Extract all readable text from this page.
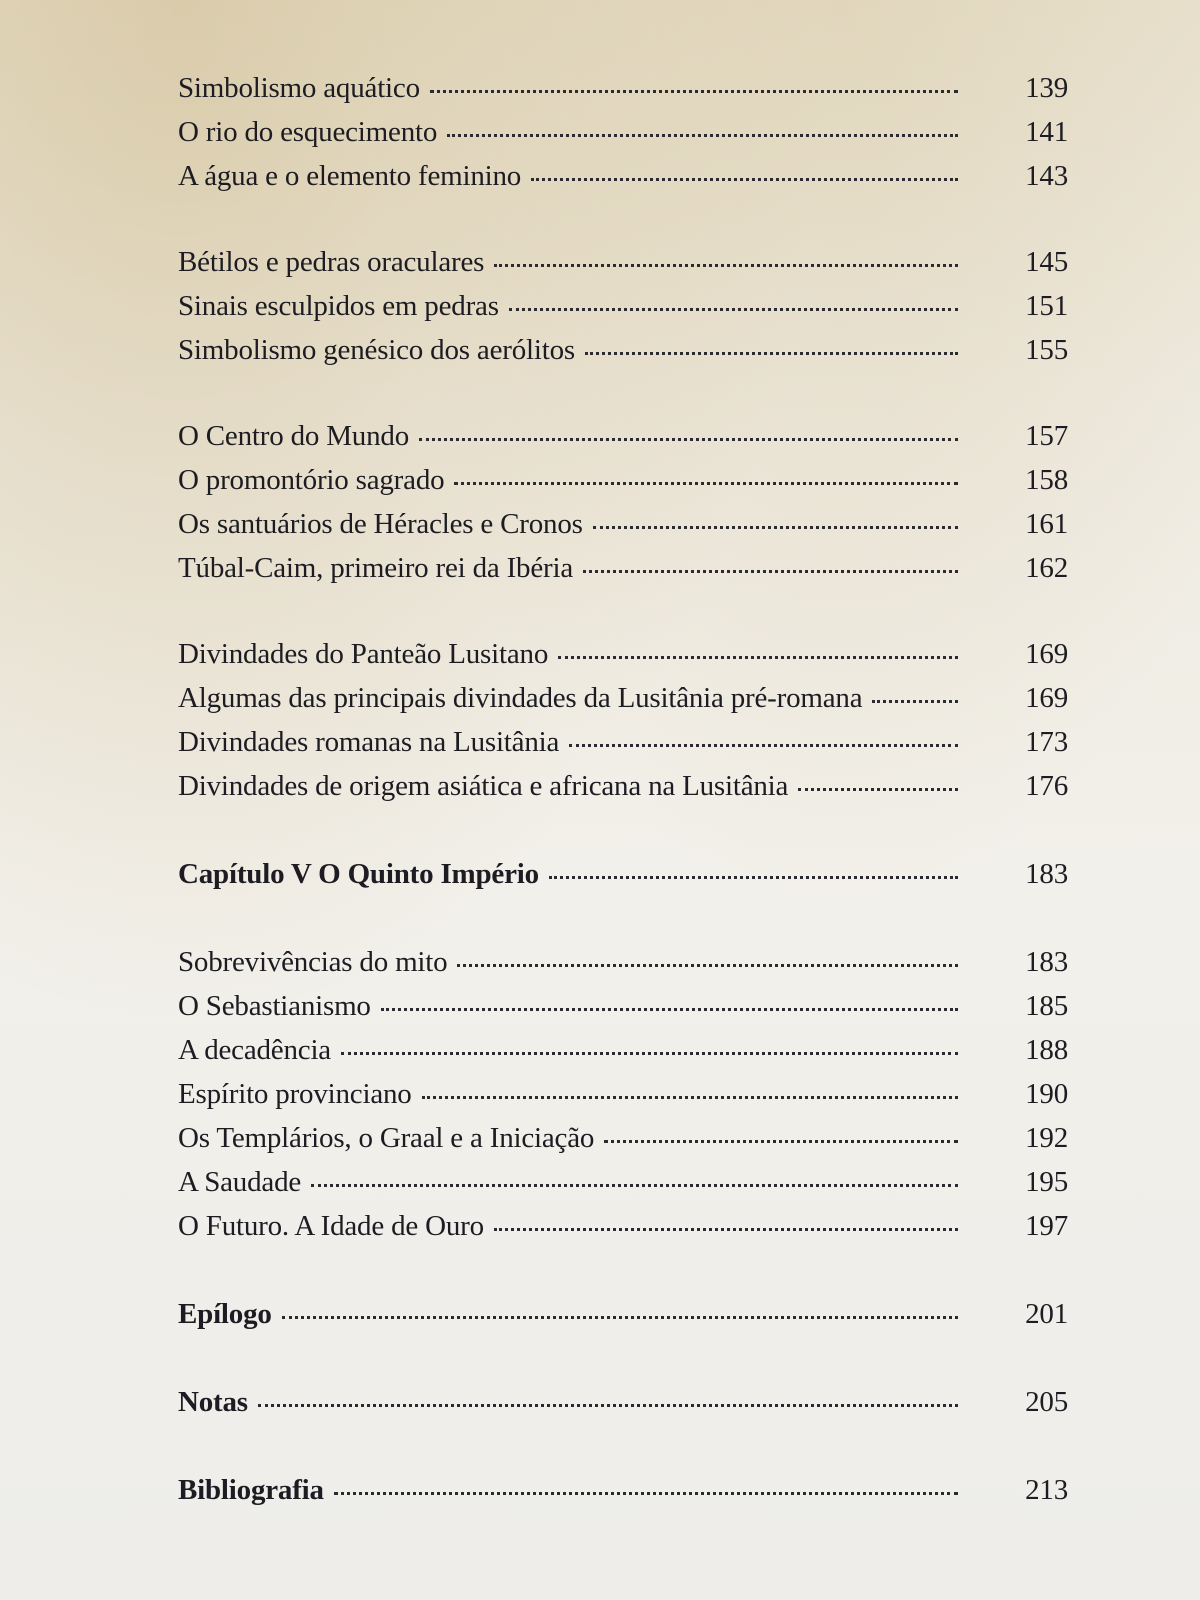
Simbolismo aquático	139
O rio do esquecimento	141
A água e o elemento feminino	143
Bétilos e pedras oraculares	145
Sinais esculpidos em pedras	151
Simbolismo genésico dos aerólitos	155
O Centro do Mundo	157
O promontório sagrado	158
Os santuários de Héracles e Cronos	161
Túbal-Caim, primeiro rei da Ibéria	162
Divindades do Panteão Lusitano	169
Algumas das principais divindades da Lusitânia pré-romana	169
Divindades romanas na Lusitânia	173
Divindades de origem asiática e africana na Lusitânia	176
Capítulo V O Quinto Império	183
Sobrevivências do mito	183
O Sebastianismo	185
A decadência	188
Espírito provinciano	190
Os Templários, o Graal e a Iniciação	192
A Saudade	195
O Futuro. A Idade de Ouro	197
Epílogo	201
Notas	205
Bibliografia	213
